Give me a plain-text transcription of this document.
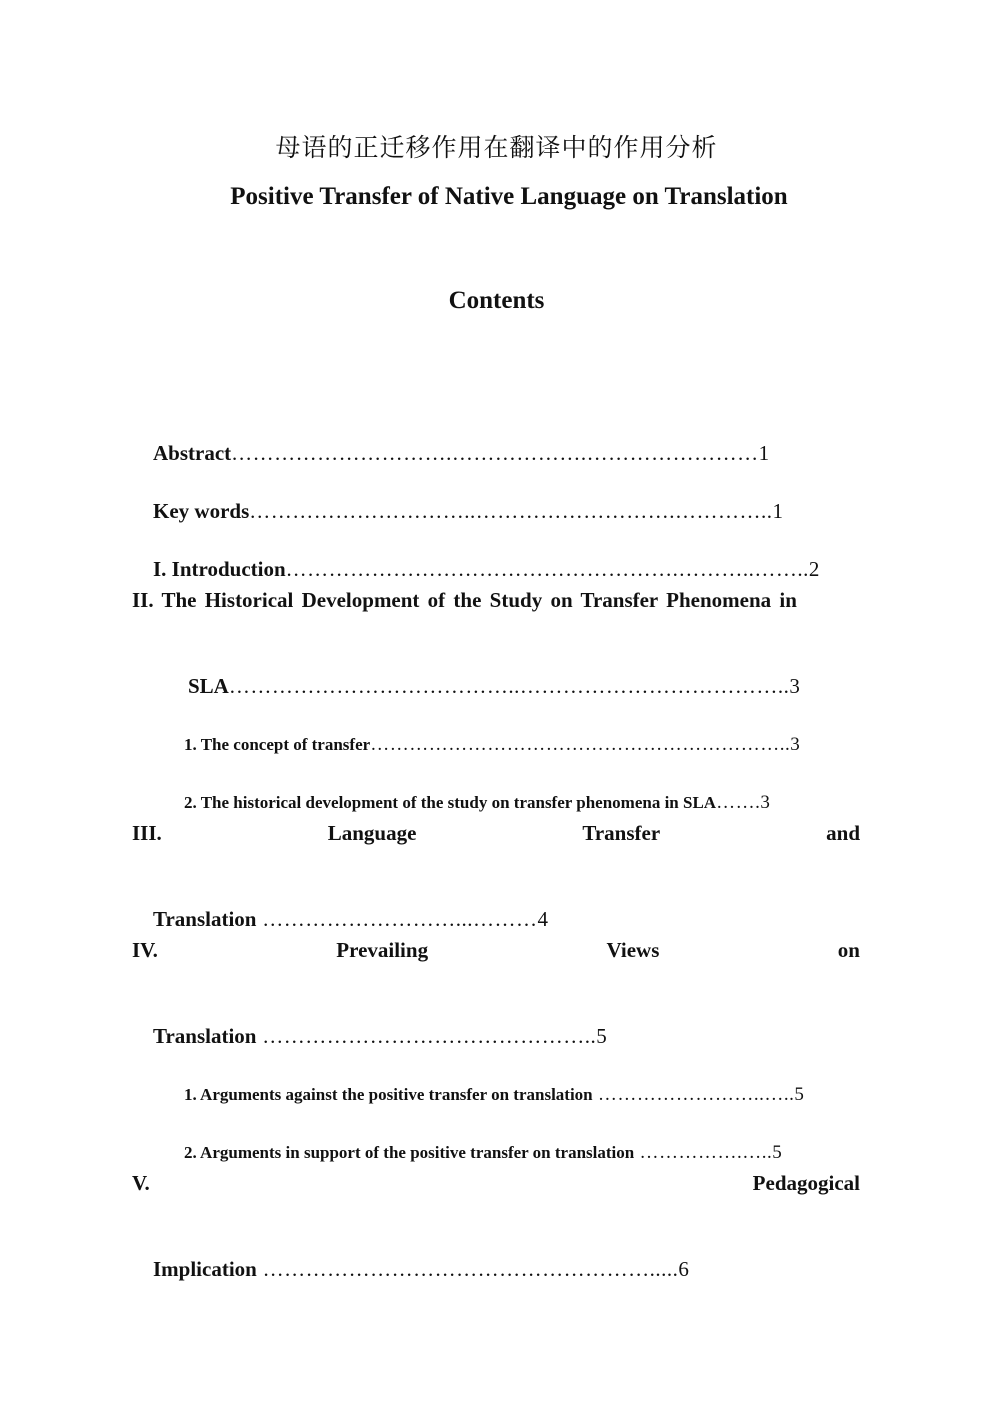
母语的正迁移作用在翻译中的作用分析
Positive Transfer of Native Language on Translation
Contents

Abstract………………………….……………….……………………1

Key words…………………………..……………………….…………..1

I. Introduction……………………………………………….………..……..2

II. The Historical Development of the Study on Transfer Phenomena in

SLA…………………………………..………………………………..3

1. The concept of transfer………………………………………………………..3

2. The historical development of the study on transfer phenomena in SLA…….3

III.	Language	Transfer	and

Translation ………………………...………4

IV.	Prevailing	Views	on

Translation ………………………………………..5

1. Arguments against the positive transfer on translation ……………………..…..5

2. Arguments in support of the positive transfer on translation …………….…..5

V.	Pedagogical

Implication ……………………………………………….....6
